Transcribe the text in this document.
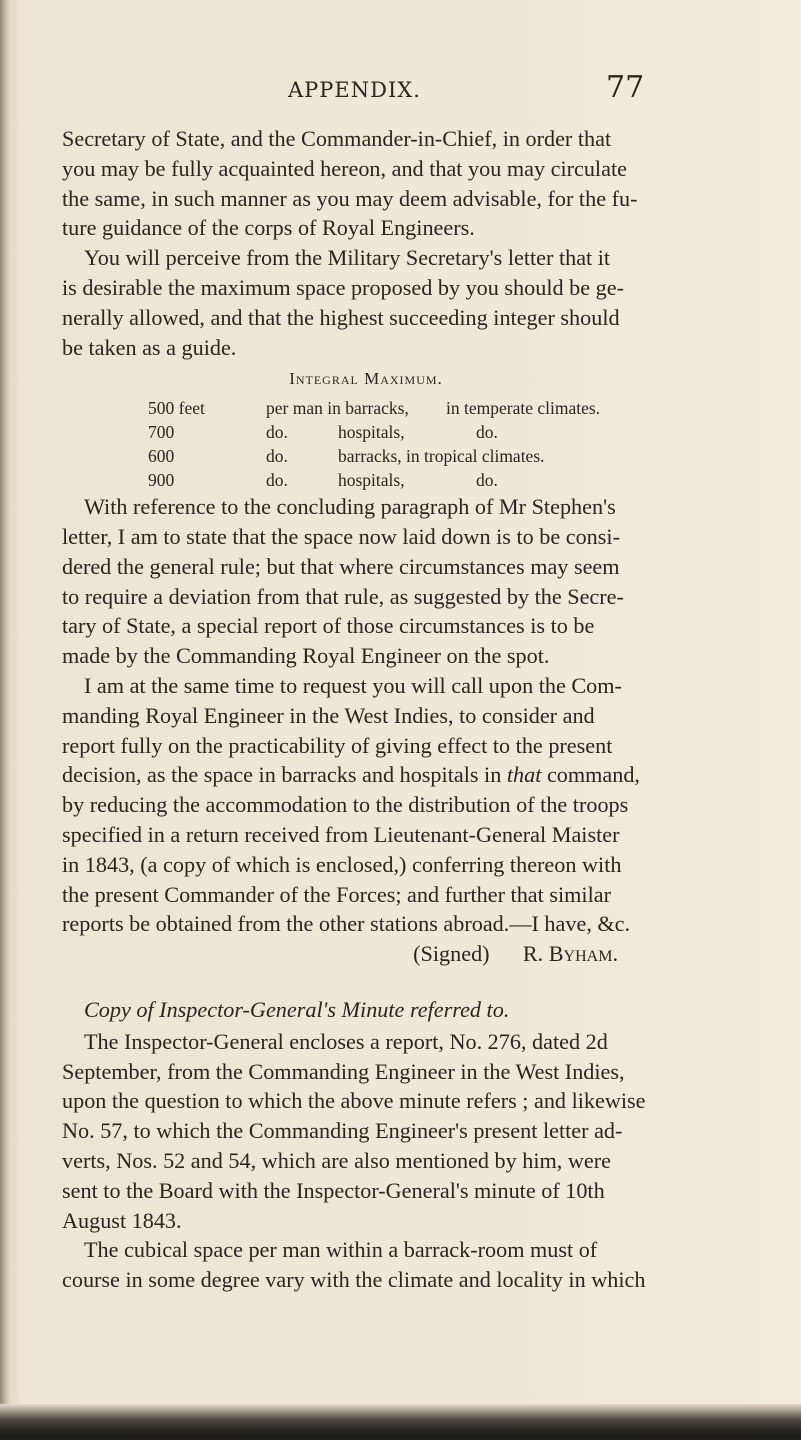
APPENDIX.	77
Secretary of State, and the Commander-in-Chief, in order that
you may be fully acquainted hereon, and that you may circulate
the same, in such manner as you may deem advisable, for the fu-
ture guidance of the corps of Royal Engineers.
You will perceive from the Military Secretary's letter that it
is desirable the maximum space proposed by you should be ge-
nerally allowed, and that the highest succeeding integer should
be taken as a guide.
Integral Maximum.
500 feet	per man in barracks,	in temperate climates.
700	do.	hospitals,	do.
600	do.	barracks, in tropical climates.
900	do.	hospitals,	do.
With reference to the concluding paragraph of Mr Stephen's
letter, I am to state that the space now laid down is to be consi-
dered the general rule; but that where circumstances may seem
to require a deviation from that rule, as suggested by the Secre-
tary of State, a special report of those circumstances is to be
made by the Commanding Royal Engineer on the spot.
I am at the same time to request you will call upon the Com-
manding Royal Engineer in the West Indies, to consider and
report fully on the practicability of giving effect to the present
decision, as the space in barracks and hospitals in that command,
by reducing the accommodation to the distribution of the troops
specified in a return received from Lieutenant-General Maister
in 1843, (a copy of which is enclosed,) conferring thereon with
the present Commander of the Forces; and further that similar
reports be obtained from the other stations abroad.—I have, &c.
(Signed) R. Byham.
Copy of Inspector-General's Minute referred to.
The Inspector-General encloses a report, No. 276, dated 2d
September, from the Commanding Engineer in the West Indies,
upon the question to which the above minute refers ; and likewise
No. 57, to which the Commanding Engineer's present letter ad-
verts, Nos. 52 and 54, which are also mentioned by him, were
sent to the Board with the Inspector-General's minute of 10th
August 1843.
The cubical space per man within a barrack-room must of
course in some degree vary with the climate and locality in which
